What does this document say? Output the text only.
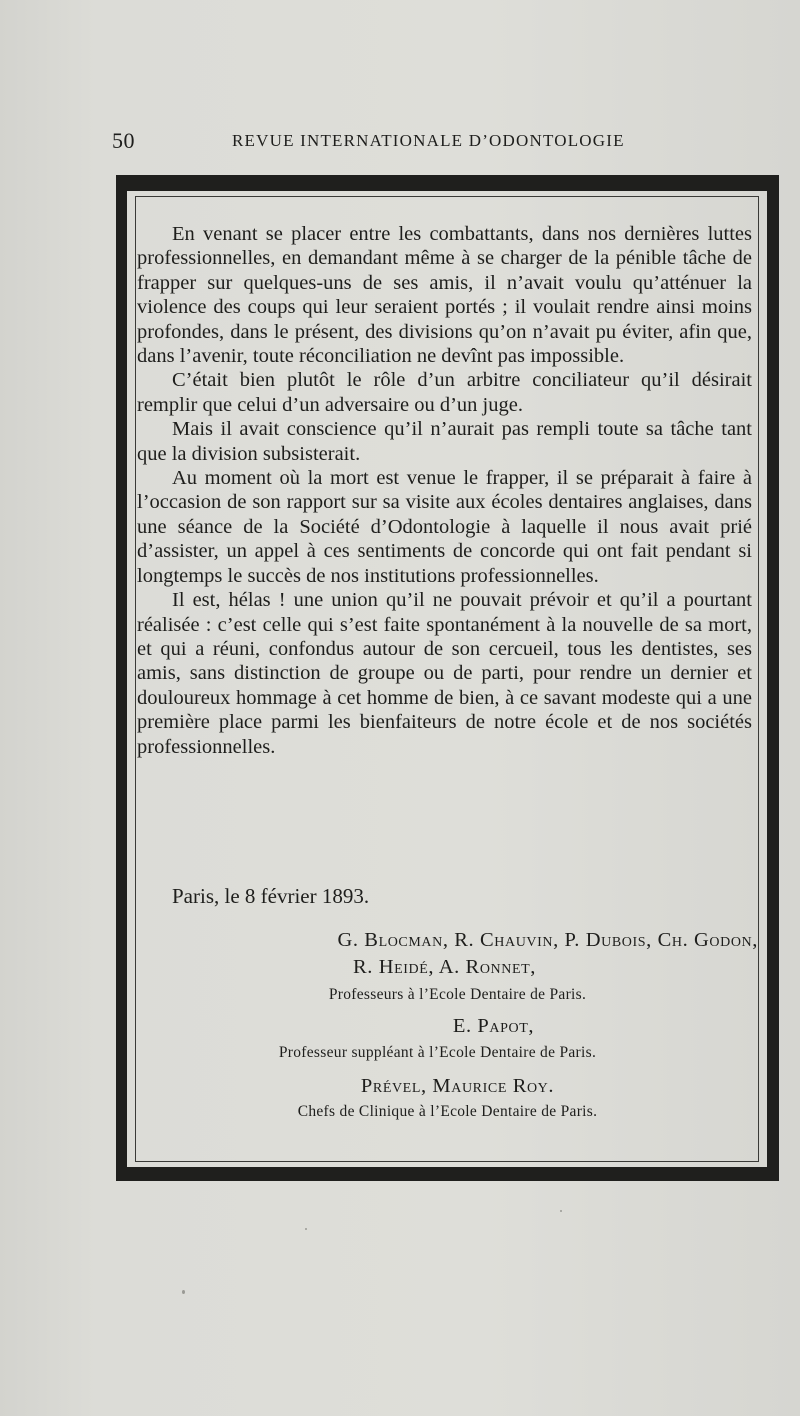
50	REVUE INTERNATIONALE D’ODONTOLOGIE

En venant se placer entre les combattants, dans nos dernières luttes professionnelles, en demandant même à se charger de la pénible tâche de frapper sur quelques-uns de ses amis, il n’avait voulu qu’atténuer la violence des coups qui leur seraient portés ; il voulait rendre ainsi moins profondes, dans le présent, des divisions qu’on n’avait pu éviter, afin que, dans l’avenir, toute réconciliation ne devînt pas impossible.

C’était bien plutôt le rôle d’un arbitre conciliateur qu’il désirait remplir que celui d’un adversaire ou d’un juge.

Mais il avait conscience qu’il n’aurait pas rempli toute sa tâche tant que la division subsisterait.

Au moment où la mort est venue le frapper, il se préparait à faire à l’occasion de son rapport sur sa visite aux écoles dentaires anglaises, dans une séance de la Société d’Odontologie à laquelle il nous avait prié d’assister, un appel à ces sentiments de concorde qui ont fait pendant si longtemps le succès de nos institutions professionnelles.

Il est, hélas ! une union qu’il ne pouvait prévoir et qu’il a pourtant réalisée : c’est celle qui s’est faite spontanément à la nouvelle de sa mort, et qui a réuni, confondus autour de son cercueil, tous les dentistes, ses amis, sans distinction de groupe ou de parti, pour rendre un dernier et douloureux hommage à cet homme de bien, à ce savant modeste qui a une première place parmi les bienfaiteurs de notre école et de nos sociétés professionnelles.

Paris, le 8 février 1893.
G. Blocman, R. Chauvin, P. Dubois, Ch. Godon,
R. Heidé, A. Ronnet,
Professeurs à l’Ecole Dentaire de Paris.
E. Papot,
Professeur suppléant à l’Ecole Dentaire de Paris.
Prével, Maurice Roy.
Chefs de Clinique à l’Ecole Dentaire de Paris.
